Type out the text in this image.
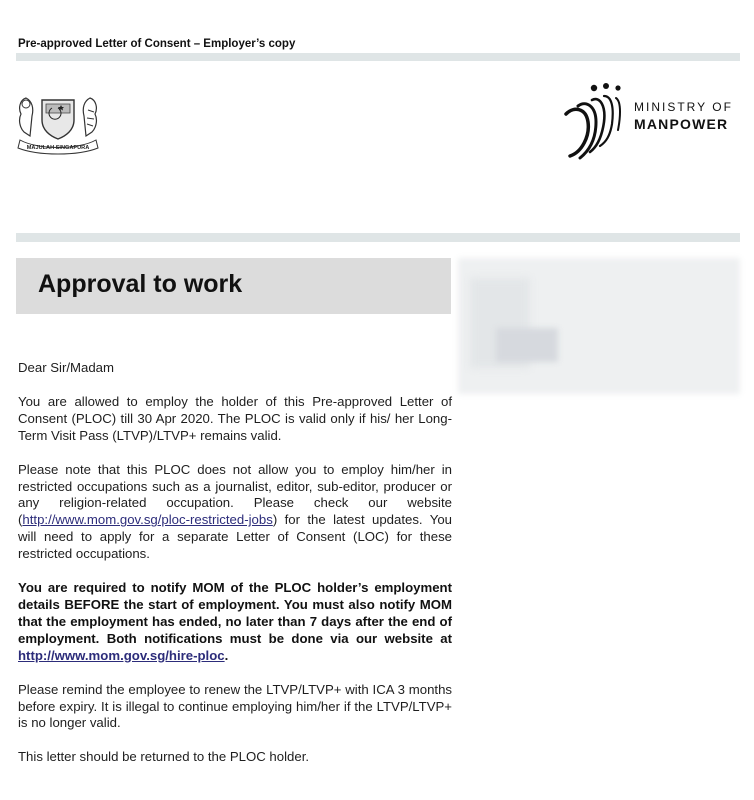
Pre-approved Letter of Consent – Employer’s copy
MAJULAH SINGAPURA
MINISTRY OF
MANPOWER
Approval to work

Dear Sir/Madam

You are allowed to employ the holder of this Pre-approved Letter of Consent (PLOC) till 30 Apr 2020. The PLOC is valid only if his/ her Long-Term Visit Pass (LTVP)/LTVP+ remains valid.

Please note that this PLOC does not allow you to employ him/her in restricted occupations such as a journalist, editor, sub-editor, producer or any religion-related occupation. Please check our website (http://www.mom.gov.sg/ploc-restricted-jobs) for the latest updates. You will need to apply for a separate Letter of Consent (LOC) for these restricted occupations.

You are required to notify MOM of the PLOC holder’s employment details BEFORE the start of employment. You must also notify MOM that the employment has ended, no later than 7 days after the end of employment. Both notifications must be done via our website at http://www.mom.gov.sg/hire-ploc.

Please remind the employee to renew the LTVP/LTVP+ with ICA 3 months before expiry. It is illegal to continue employing him/her if the LTVP/LTVP+ is no longer valid.

This letter should be returned to the PLOC holder.
